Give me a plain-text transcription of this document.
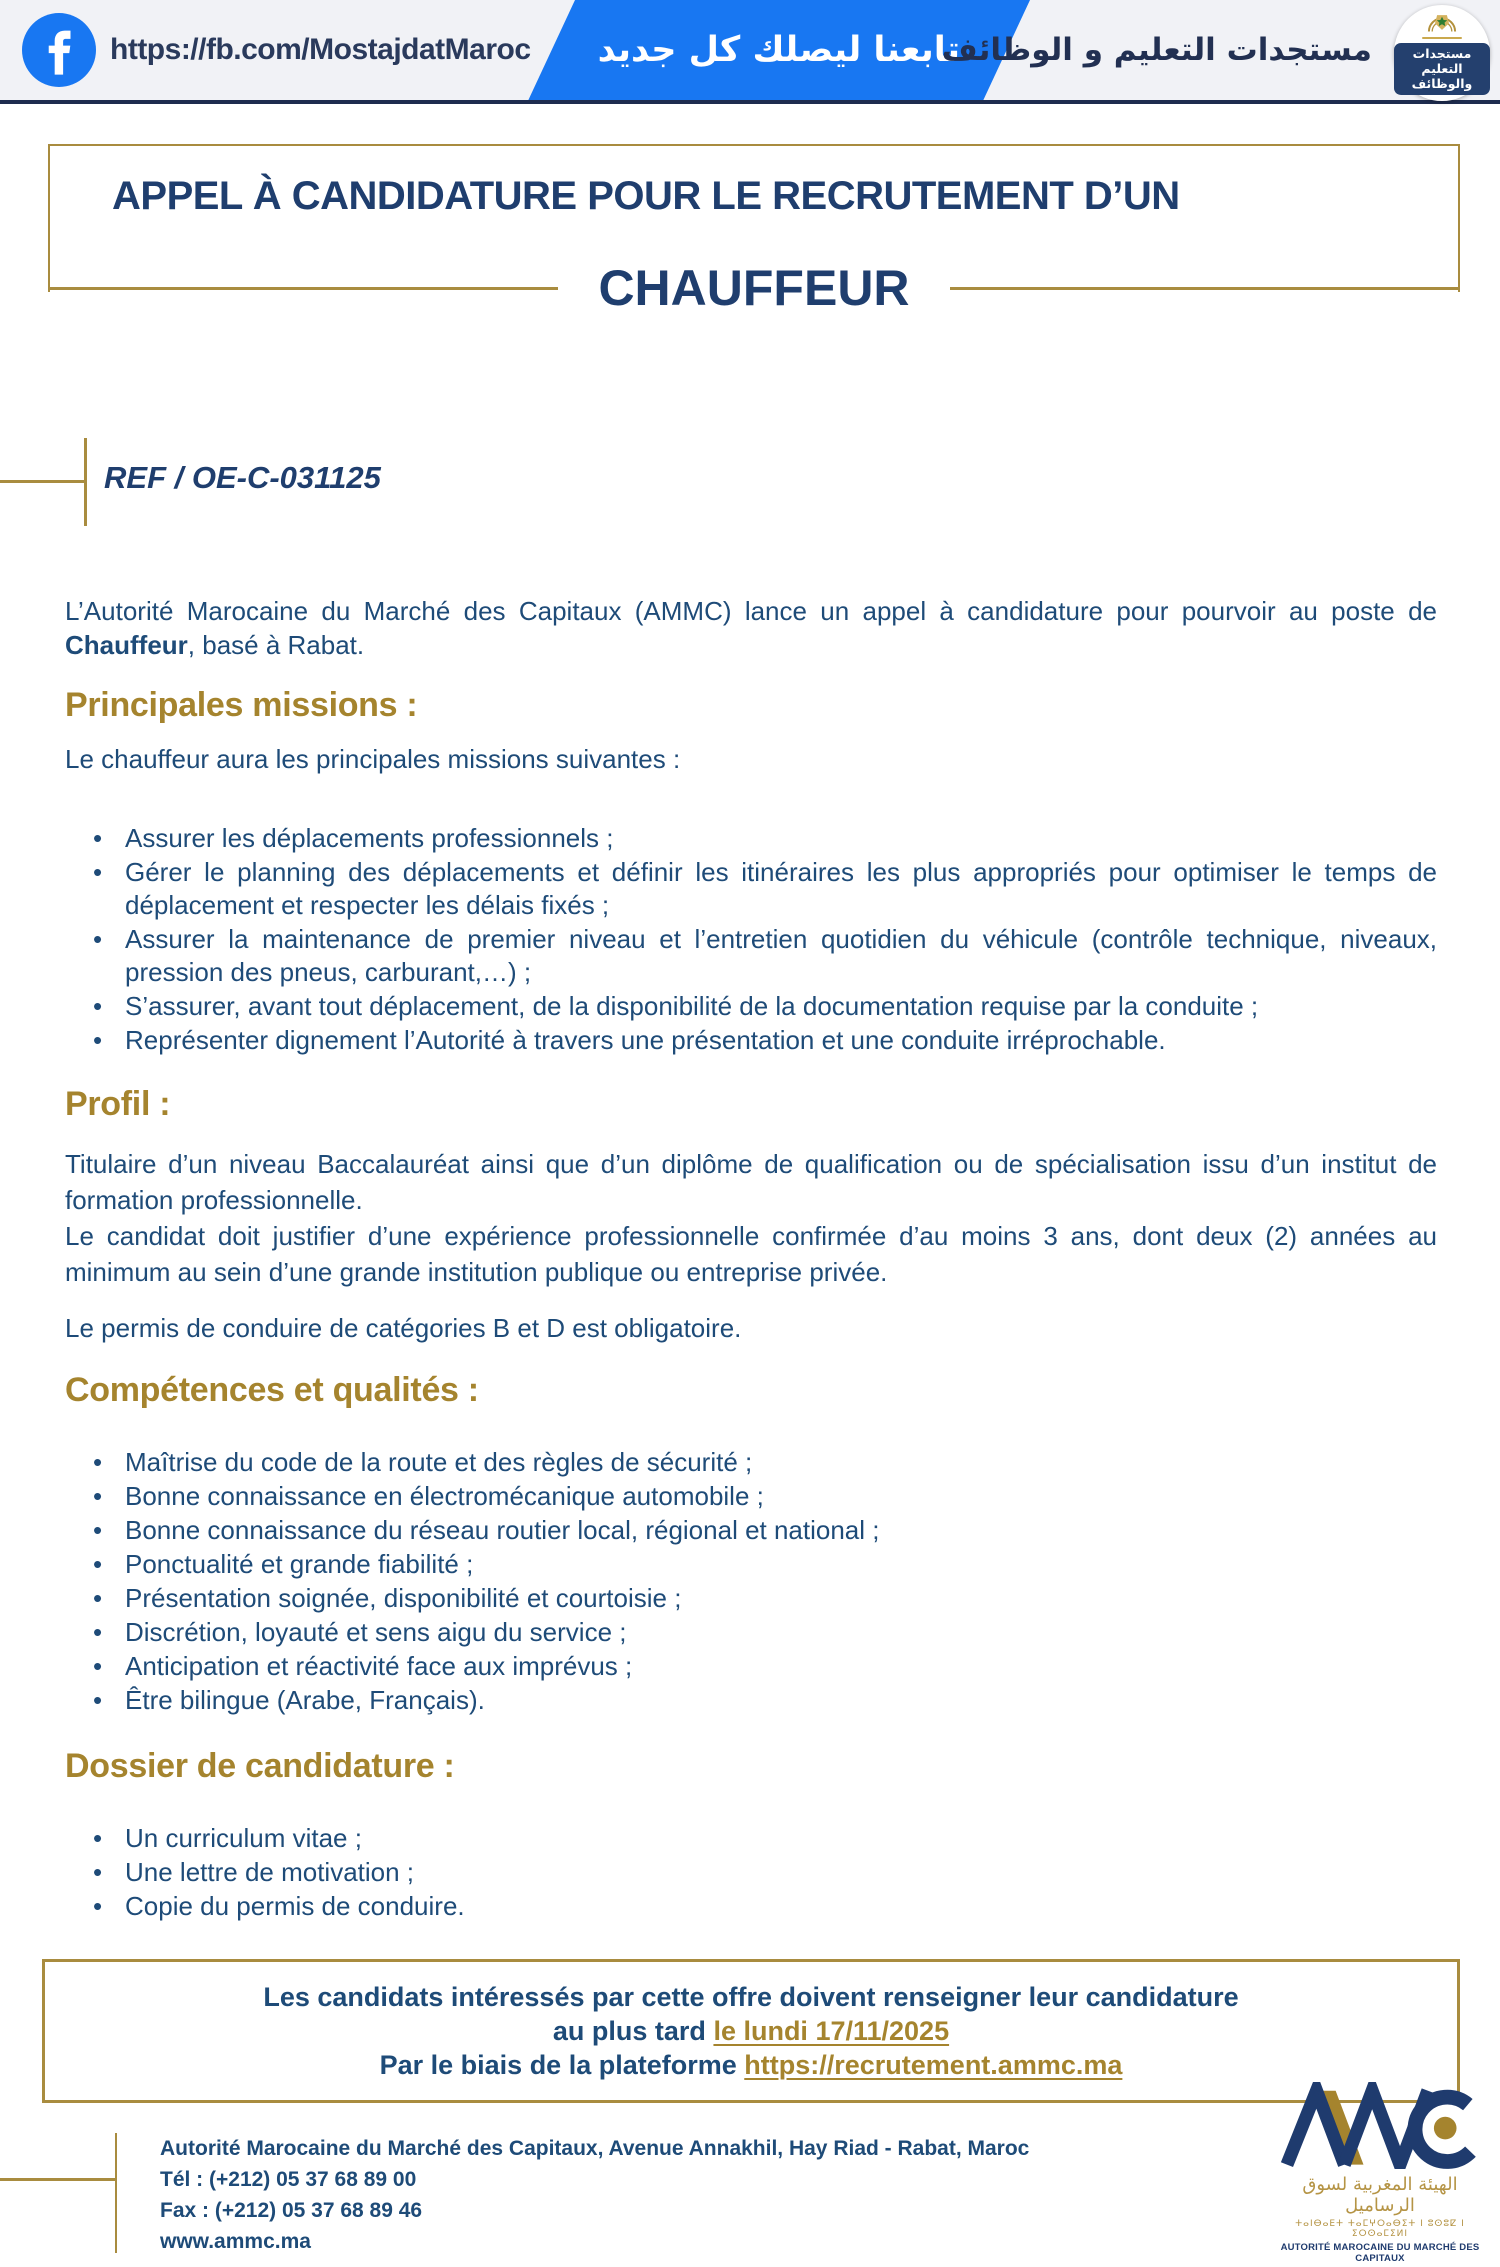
https://fb.com/MostajdatMaroc تابعنا ليصلك كل جديد
مستجدات التعليم و الوظائف	مستجدات التعليم
والوظائف
APPEL À CANDIDATURE POUR LE RECRUTEMENT D’UN
CHAUFFEUR
REF / OE-C-031125

L’Autorité Marocaine du Marché des Capitaux (AMMC) lance un appel à candidature pour pourvoir au poste de Chauffeur, basé à Rabat.

Principales missions :

Le chauffeur aura les principales missions suivantes :

• Assurer les déplacements professionnels ;
• Gérer le planning des déplacements et définir les itinéraires les plus appropriés pour optimiser le temps de déplacement et respecter les délais fixés ;
• Assurer la maintenance de premier niveau et l’entretien quotidien du véhicule (contrôle technique, niveaux, pression des pneus, carburant,…) ;
• S’assurer, avant tout déplacement, de la disponibilité de la documentation requise par la conduite ;
• Représenter dignement l’Autorité à travers une présentation et une conduite irréprochable.
Profil :

Titulaire d’un niveau Baccalauréat ainsi que d’un diplôme de qualification ou de spécialisation issu d’un institut de formation professionnelle.

Le candidat doit justifier d’une expérience professionnelle confirmée d’au moins 3 ans, dont deux (2) années au minimum au sein d’une grande institution publique ou entreprise privée.

Le permis de conduire de catégories B et D est obligatoire.

Compétences et qualités :
• Maîtrise du code de la route et des règles de sécurité ;
• Bonne connaissance en électromécanique automobile ;
• Bonne connaissance du réseau routier local, régional et national ;
• Ponctualité et grande fiabilité ;
• Présentation soignée, disponibilité et courtoisie ;
• Discrétion, loyauté et sens aigu du service ;
• Anticipation et réactivité face aux imprévus ;
• Être bilingue (Arabe, Français).
Dossier de candidature :
• Un curriculum vitae ;
• Une lettre de motivation ;
• Copie du permis de conduire.
Les candidats intéressés par cette offre doivent renseigner leur candidature
au plus tard le lundi 17/11/2025
Par le biais de la plateforme https://recrutement.ammc.ma
Autorité Marocaine du Marché des Capitaux, Avenue Annakhil, Hay Riad - Rabat, Maroc
Tél : (+212) 05 37 68 89 00
Fax : (+212) 05 37 68 89 46
www.ammc.ma
الهيئة المغربية لسوق الرساميل
ⵜⴰⵏⴱⴰⴹⵜ ⵜⴰⵎⵖⵔⴰⴱⵉⵜ ⵏ ⵓⵙⵓⵇ ⵏ ⵉⵔⵙⴰⵎⵉⵍⵏ
AUTORITÉ MAROCAINE DU MARCHÉ DES CAPITAUX
